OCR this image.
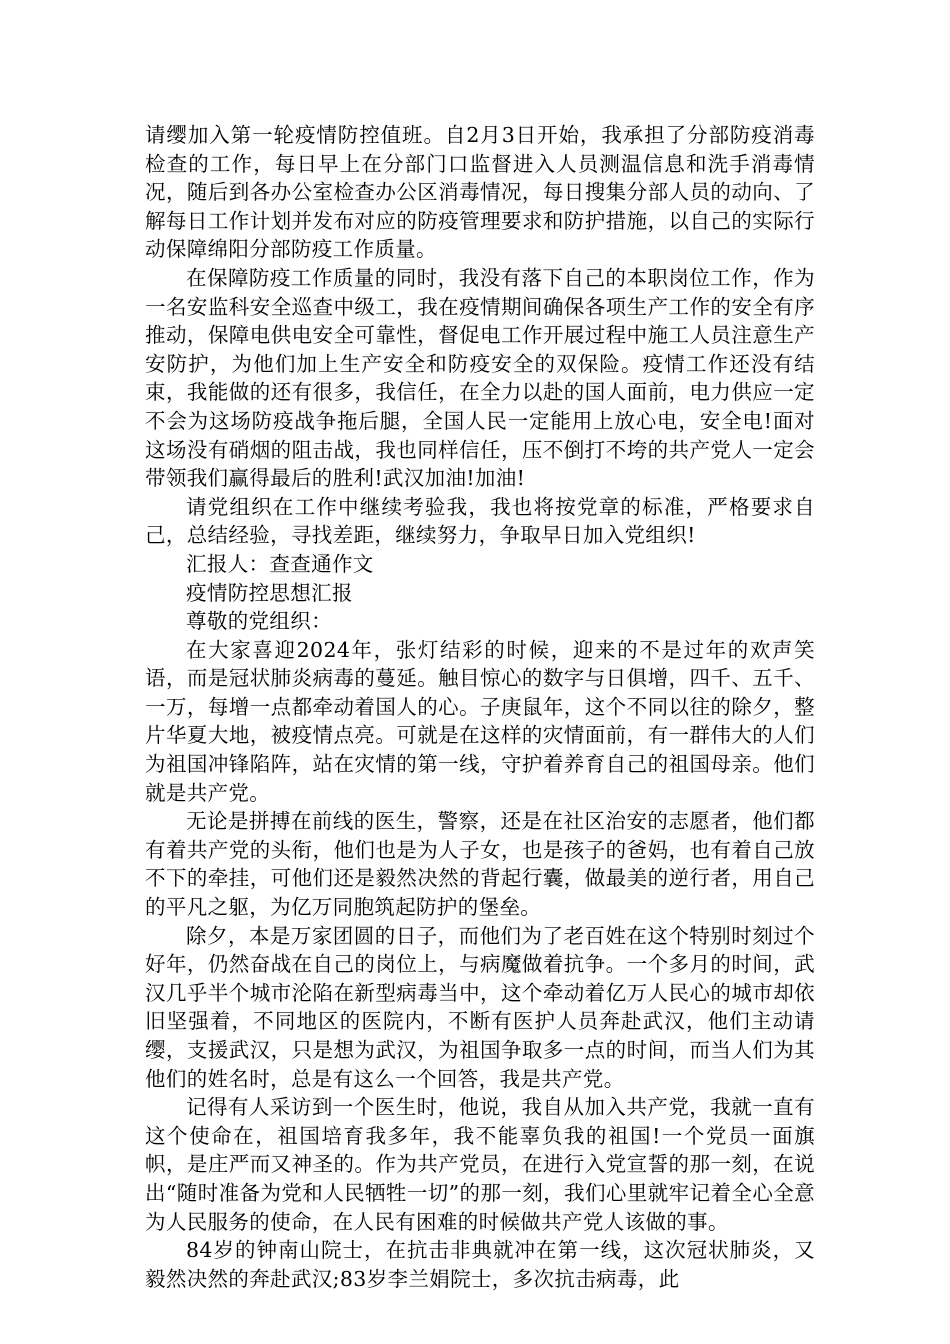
请缨加入第一轮疫情防控值班。自2月3日开始，我承担了分部防疫消毒检查的工作，每日早上在分部门口监督进入人员测温信息和洗手消毒情况，随后到各办公室检查办公区消毒情况，每日搜集分部人员的动向、了解每日工作计划并发布对应的防疫管理要求和防护措施，以自己的实际行动保障绵阳分部防疫工作质量。

在保障防疫工作质量的同时，我没有落下自己的本职岗位工作，作为一名安监科安全巡查中级工，我在疫情期间确保各项生产工作的安全有序推动，保障电供电安全可靠性，督促电工作开展过程中施工人员注意生产安防护，为他们加上生产安全和防疫安全的双保险。疫情工作还没有结束，我能做的还有很多，我信任，在全力以赴的国人面前，电力供应一定不会为这场防疫战争拖后腿，全国人民一定能用上放心电，安全电!面对这场没有硝烟的阻击战，我也同样信任，压不倒打不垮的共产党人一定会带领我们赢得最后的胜利!武汉加油!加油!

请党组织在工作中继续考验我，我也将按党章的标准，严格要求自己，总结经验，寻找差距，继续努力，争取早日加入党组织!

汇报人：查查通作文

疫情防控思想汇报

尊敬的党组织：

在大家喜迎2024年，张灯结彩的时候，迎来的不是过年的欢声笑语，而是冠状肺炎病毒的蔓延。触目惊心的数字与日俱增，四千、五千、一万，每增一点都牵动着国人的心。子庚鼠年，这个不同以往的除夕，整片华夏大地，被疫情点亮。可就是在这样的灾情面前，有一群伟大的人们为祖国冲锋陷阵，站在灾情的第一线，守护着养育自己的祖国母亲。他们就是共产党。

无论是拼搏在前线的医生，警察，还是在社区治安的志愿者，他们都有着共产党的头衔，他们也是为人子女，也是孩子的爸妈，也有着自己放不下的牵挂，可他们还是毅然决然的背起行囊，做最美的逆行者，用自己的平凡之躯，为亿万同胞筑起防护的堡垒。

除夕，本是万家团圆的日子，而他们为了老百姓在这个特别时刻过个好年，仍然奋战在自己的岗位上，与病魔做着抗争。一个多月的时间，武汉几乎半个城市沦陷在新型病毒当中，这个牵动着亿万人民心的城市却依旧坚强着，不同地区的医院内，不断有医护人员奔赴武汉，他们主动请缨，支援武汉，只是想为武汉，为祖国争取多一点的时间，而当人们为其他们的姓名时，总是有这么一个回答，我是共产党。

记得有人采访到一个医生时，他说，我自从加入共产党，我就一直有这个使命在，祖国培育我多年，我不能辜负我的祖国!一个党员一面旗帜，是庄严而又神圣的。作为共产党员，在进行入党宣誓的那一刻，在说出“随时准备为党和人民牺牲一切”的那一刻，我们心里就牢记着全心全意为人民服务的使命，在人民有困难的时候做共产党人该做的事。

84岁的钟南山院士，在抗击非典就冲在第一线，这次冠状肺炎，又毅然决然的奔赴武汉;83岁李兰娟院士，多次抗击病毒，此
